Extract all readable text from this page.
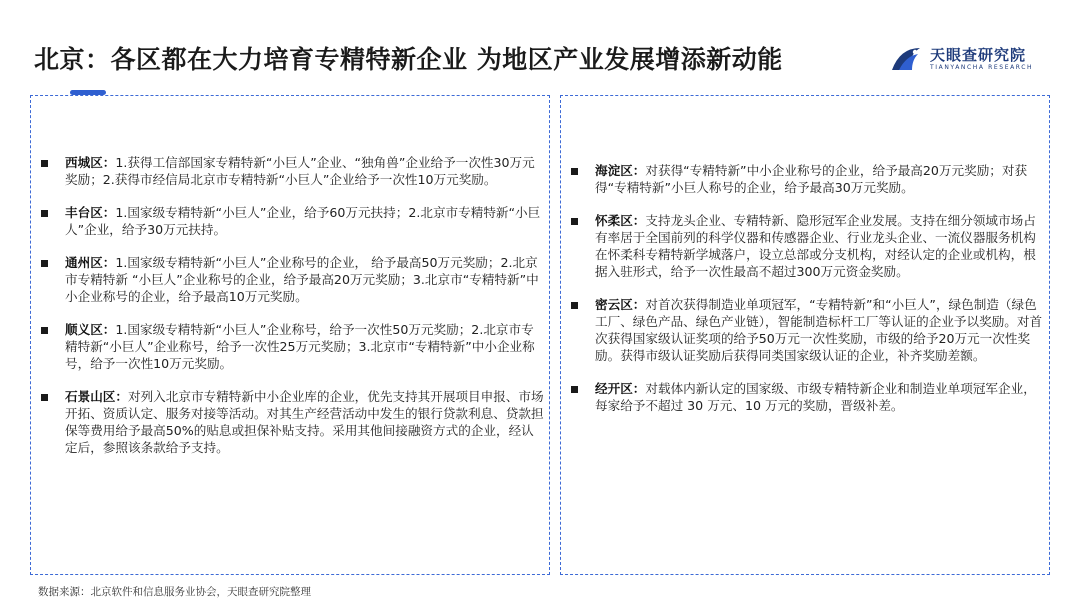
北京：各区都在大力培育专精特新企业 为地区产业发展增添新动能	天眼查研究院
TIANYANCHA RESEARCH
西城区：1.获得工信部国家专精特新“小巨人”企业、“独角兽”企业给予一次性30万元奖励；2.获得市经信局北京市专精特新“小巨人”企业给予一次性10万元奖励。
丰台区：1.国家级专精特新“小巨人”企业，给予60万元扶持；2.北京市专精特新“小巨人”企业，给予30万元扶持。
通州区：1.国家级专精特新“小巨人”企业称号的企业， 给予最高50万元奖励；2.北京市专精特新 “小巨人”企业称号的企业，给予最高20万元奖励；3.北京市“专精特新”中小企业称号的企业，给予最高10万元奖励。
顺义区：1.国家级专精特新“小巨人”企业称号，给予一次性50万元奖励；2.北京市专精特新“小巨人”企业称号，给予一次性25万元奖励；3.北京市“专精特新”中小企业称号，给予一次性10万元奖励。
石景山区：对列入北京市专精特新中小企业库的企业，优先支持其开展项目申报、市场开拓、资质认定、服务对接等活动。对其生产经营活动中发生的银行贷款利息、贷款担保等费用给予最高50%的贴息或担保补贴支持。采用其他间接融资方式的企业，经认定后，参照该条款给予支持。
海淀区：对获得“专精特新”中小企业称号的企业，给予最高20万元奖励；对获得“专精特新”小巨人称号的企业，给予最高30万元奖励。
怀柔区：支持龙头企业、专精特新、隐形冠军企业发展。支持在细分领域市场占有率居于全国前列的科学仪器和传感器企业、行业龙头企业、一流仪器服务机构在怀柔科专精特新学城落户，设立总部或分支机构，对经认定的企业或机构，根据入驻形式，给予一次性最高不超过300万元资金奖励。
密云区：对首次获得制造业单项冠军，“专精特新”和“小巨人”，绿色制造（绿色工厂、绿色产品、绿色产业链），智能制造标杆工厂等认证的企业予以奖励。对首次获得国家级认证奖项的给予50万元一次性奖励，市级的给予20万元一次性奖励。获得市级认证奖励后获得同类国家级认证的企业，补齐奖励差额。
经开区：对载体内新认定的国家级、市级专精特新企业和制造业单项冠军企业，每家给予不超过 30 万元、10 万元的奖励，晋级补差。
数据来源：北京软件和信息服务业协会，天眼查研究院整理
